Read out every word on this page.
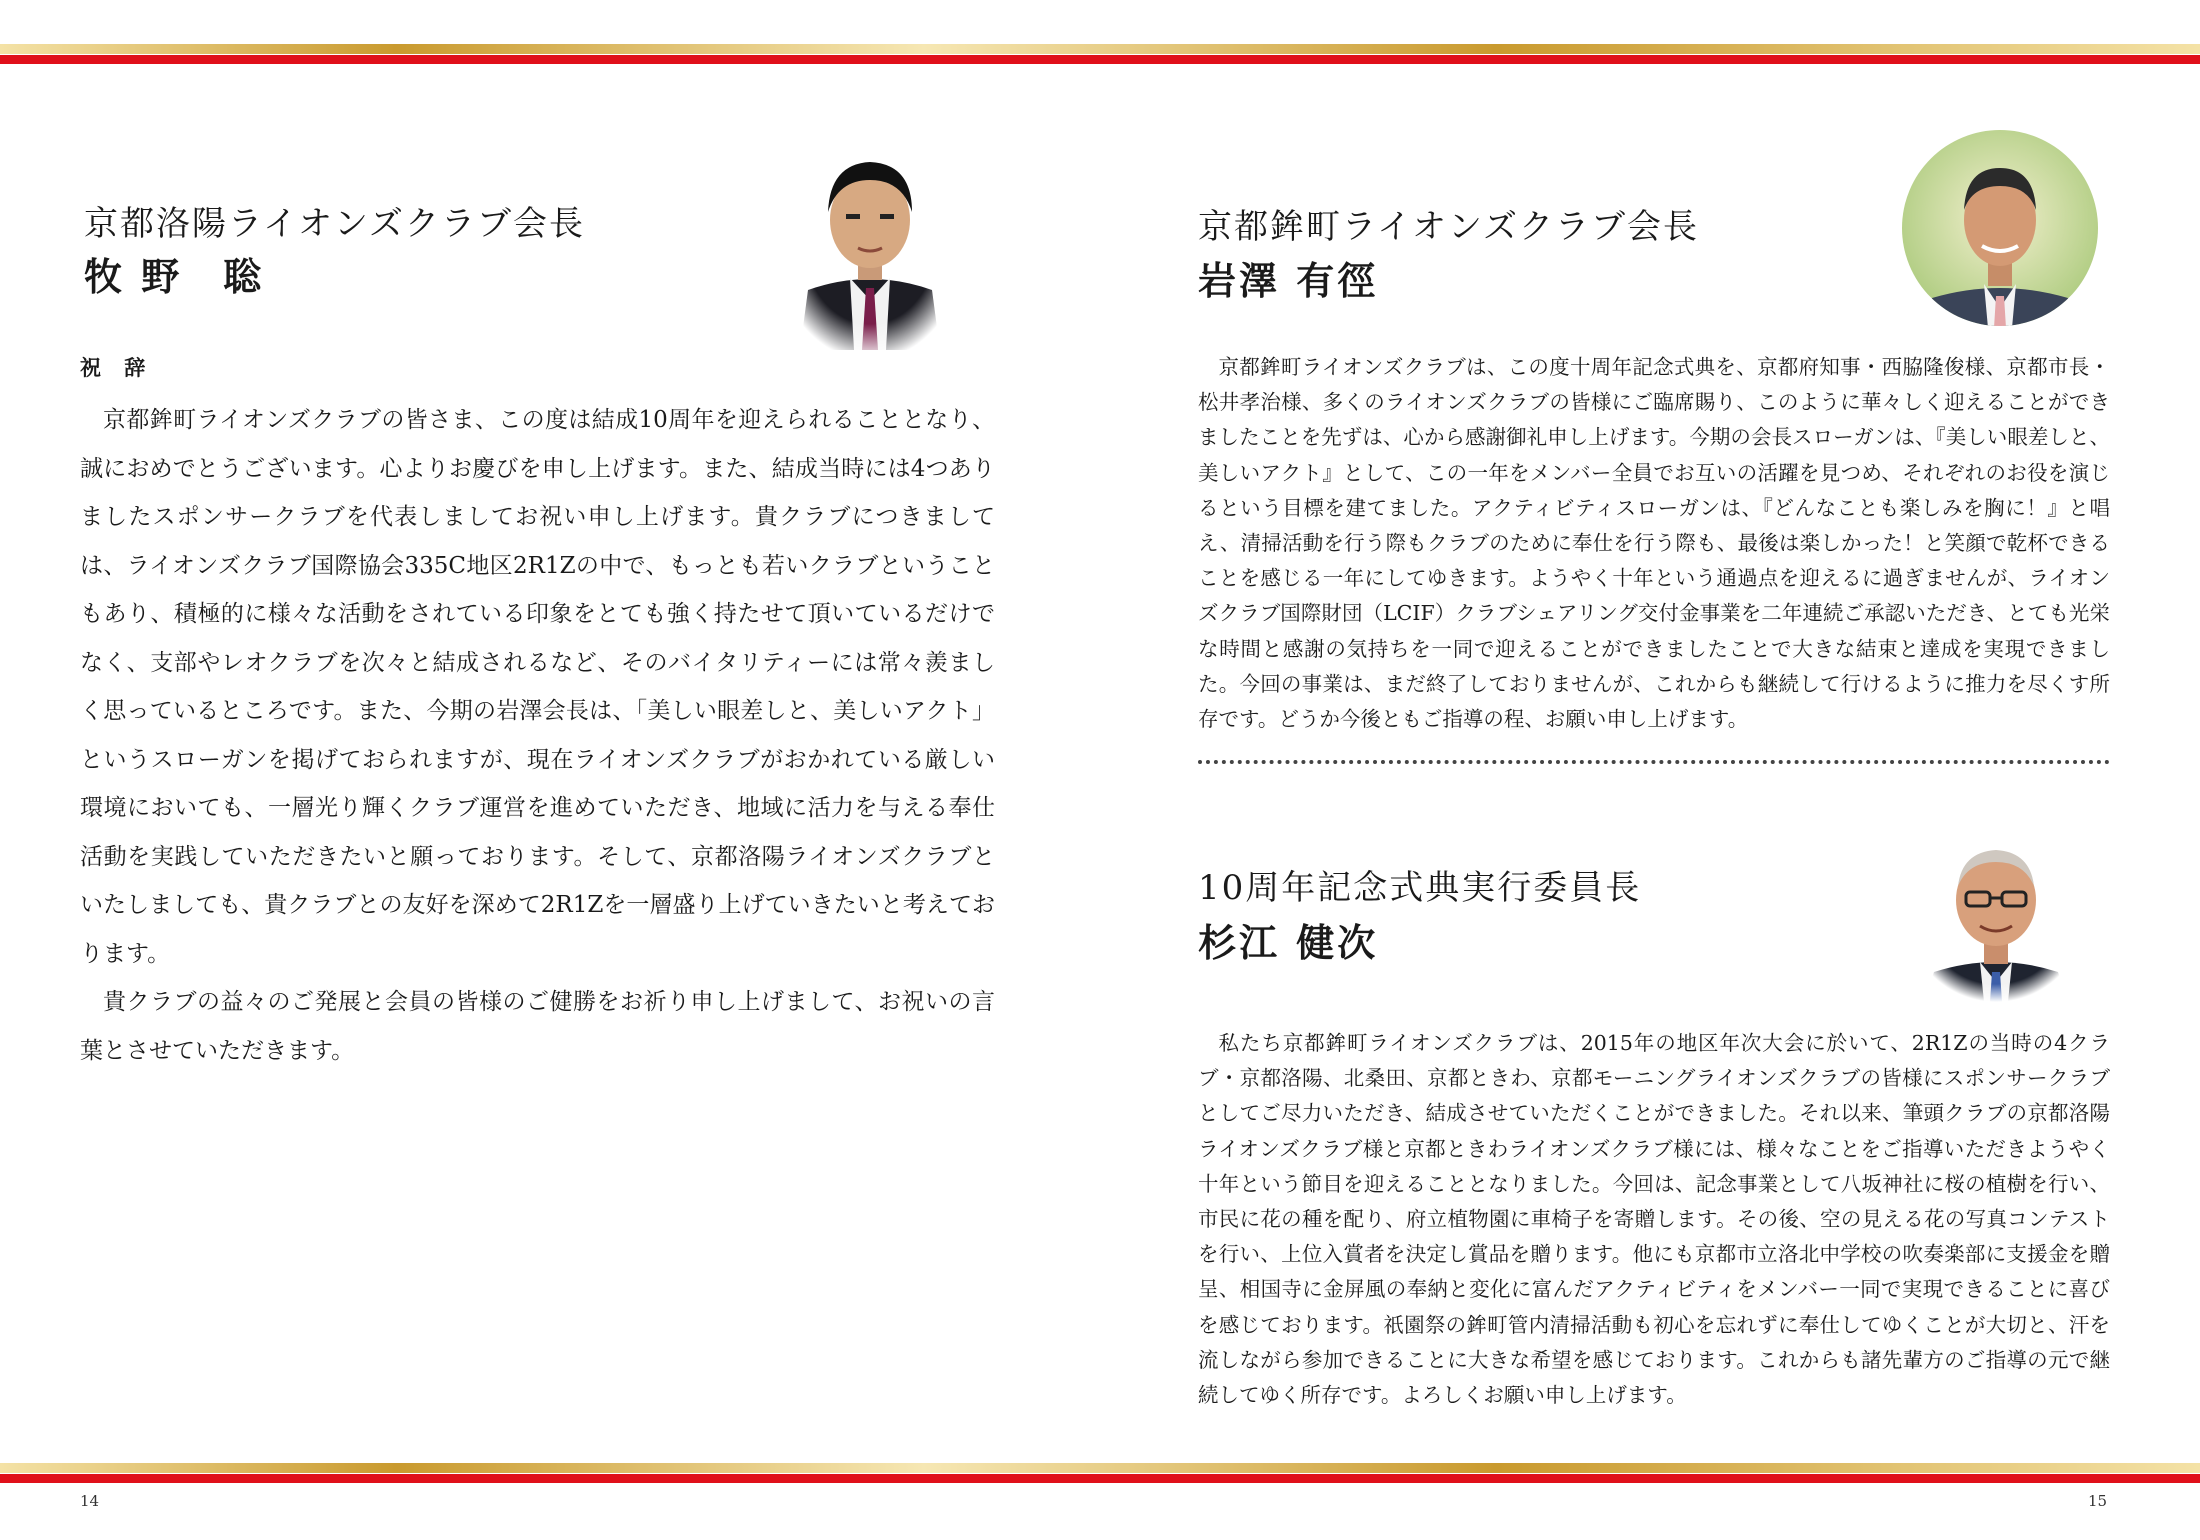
京都洛陽ライオンズクラブ会長
牧 野　聡
祝 辞

京都鉾町ライオンズクラブの皆さま、この度は結成10周年を迎えられることとなり、誠におめでとうございます。心よりお慶びを申し上げます。また、結成当時には4つありましたスポンサークラブを代表しましてお祝い申し上げます。貴クラブにつきましては、ライオンズクラブ国際協会335C地区2R1Zの中で、もっとも若いクラブということもあり、積極的に様々な活動をされている印象をとても強く持たせて頂いているだけでなく、支部やレオクラブを次々と結成されるなど、そのバイタリティーには常々羨ましく思っているところです。また、今期の岩澤会長は、「美しい眼差しと、美しいアクト」というスローガンを掲げておられますが、現在ライオンズクラブがおかれている厳しい環境においても、一層光り輝くクラブ運営を進めていただき、地域に活力を与える奉仕活動を実践していただきたいと願っております。そして、京都洛陽ライオンズクラブといたしましても、貴クラブとの友好を深めて2R1Zを一層盛り上げていきたいと考えております。

貴クラブの益々のご発展と会員の皆様のご健勝をお祈り申し上げまして、お祝いの言葉とさせていただきます。

14
京都鉾町ライオンズクラブ会長
岩澤 有徑

京都鉾町ライオンズクラブは、この度十周年記念式典を、京都府知事・西脇隆俊様、京都市長・松井孝治様、多くのライオンズクラブの皆様にご臨席賜り、このように華々しく迎えることができましたことを先ずは、心から感謝御礼申し上げます。今期の会長スローガンは、『美しい眼差しと、美しいアクト』として、この一年をメンバー全員でお互いの活躍を見つめ、それぞれのお役を演じるという目標を建てました。アクティビティスローガンは、『どんなことも楽しみを胸に！』と唱え、清掃活動を行う際もクラブのために奉仕を行う際も、最後は楽しかった！と笑顔で乾杯できることを感じる一年にしてゆきます。ようやく十年という通過点を迎えるに過ぎませんが、ライオンズクラブ国際財団（LCIF）クラブシェアリング交付金事業を二年連続ご承認いただき、とても光栄な時間と感謝の気持ちを一同で迎えることができましたことで大きな結束と達成を実現できました。今回の事業は、まだ終了しておりませんが、これからも継続して行けるように推力を尽くす所存です。どうか今後ともご指導の程、お願い申し上げます。

10周年記念式典実行委員長
杉江 健次

私たち京都鉾町ライオンズクラブは、2015年の地区年次大会に於いて、2R1Zの当時の4クラブ・京都洛陽、北桑田、京都ときわ、京都モーニングライオンズクラブの皆様にスポンサークラブとしてご尽力いただき、結成させていただくことができました。それ以来、筆頭クラブの京都洛陽ライオンズクラブ様と京都ときわライオンズクラブ様には、様々なことをご指導いただきようやく十年という節目を迎えることとなりました。今回は、記念事業として八坂神社に桜の植樹を行い、市民に花の種を配り、府立植物園に車椅子を寄贈します。その後、空の見える花の写真コンテストを行い、上位入賞者を決定し賞品を贈ります。他にも京都市立洛北中学校の吹奏楽部に支援金を贈呈、相国寺に金屏風の奉納と変化に富んだアクティビティをメンバー一同で実現できることに喜びを感じております。祇園祭の鉾町管内清掃活動も初心を忘れずに奉仕してゆくことが大切と、汗を流しながら参加できることに大きな希望を感じております。これからも諸先輩方のご指導の元で継続してゆく所存です。よろしくお願い申し上げます。

15
